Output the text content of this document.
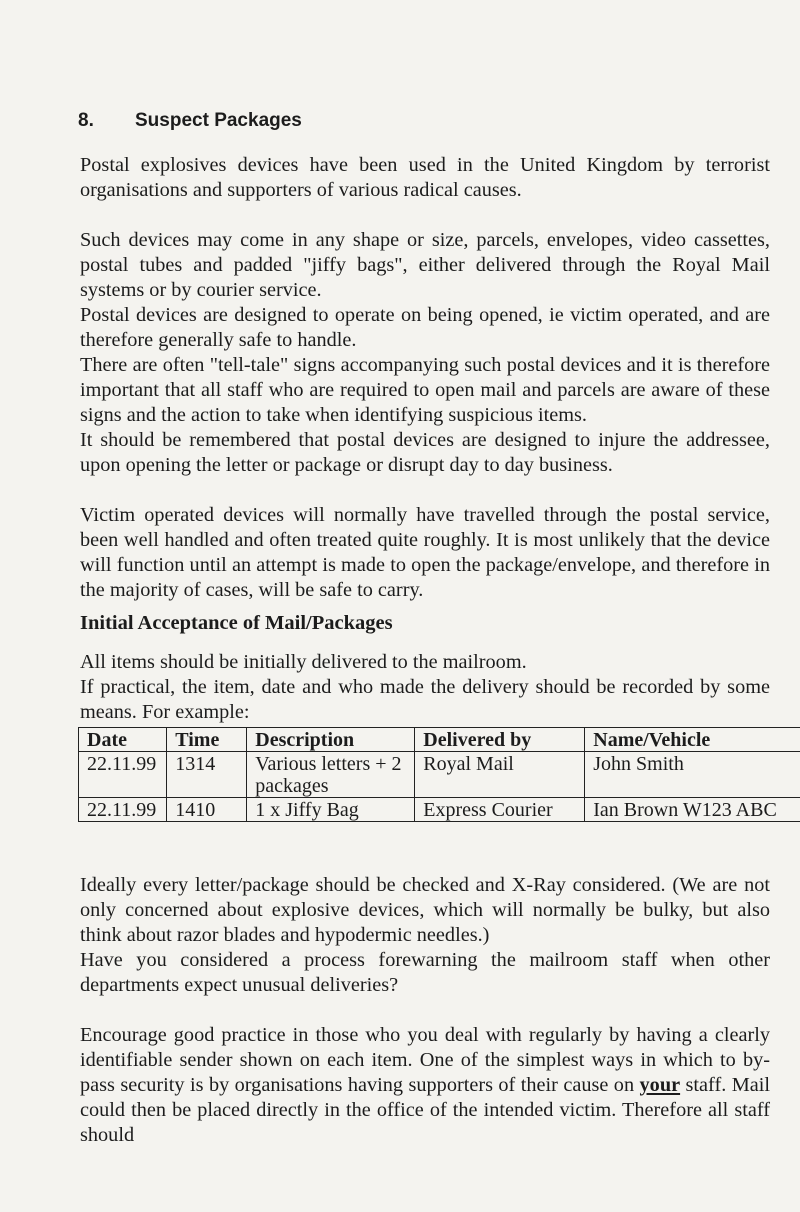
8. Suspect Packages

Postal explosives devices have been used in the United Kingdom by terrorist organisations and supporters of various radical causes.

Such devices may come in any shape or size, parcels, envelopes, video cassettes, postal tubes and padded "jiffy bags", either delivered through the Royal Mail systems or by courier service.

Postal devices are designed to operate on being opened, ie victim operated, and are therefore generally safe to handle.

There are often "tell-tale" signs accompanying such postal devices and it is therefore important that all staff who are required to open mail and parcels are aware of these signs and the action to take when identifying suspicious items.

It should be remembered that postal devices are designed to injure the addressee, upon opening the letter or package or disrupt day to day business.

Victim operated devices will normally have travelled through the postal service, been well handled and often treated quite roughly. It is most unlikely that the device will function until an attempt is made to open the package/envelope, and therefore in the majority of cases, will be safe to carry.

Initial Acceptance of Mail/Packages

All items should be initially delivered to the mailroom.

If practical, the item, date and who made the delivery should be recorded by some means. For example:

Date	Time	Description	Delivered by	Name/Vehicle
22.11.99	1314	Various letters + 2 packages	Royal Mail	John Smith
22.11.99	1410	1 x Jiffy Bag	Express Courier	Ian Brown W123 ABC

Ideally every letter/package should be checked and X-Ray considered. (We are not only concerned about explosive devices, which will normally be bulky, but also think about razor blades and hypodermic needles.)

Have you considered a process forewarning the mailroom staff when other departments expect unusual deliveries?

Encourage good practice in those who you deal with regularly by having a clearly identifiable sender shown on each item. One of the simplest ways in which to by-pass security is by organisations having supporters of their cause on your staff. Mail could then be placed directly in the office of the intended victim. Therefore all staff should
